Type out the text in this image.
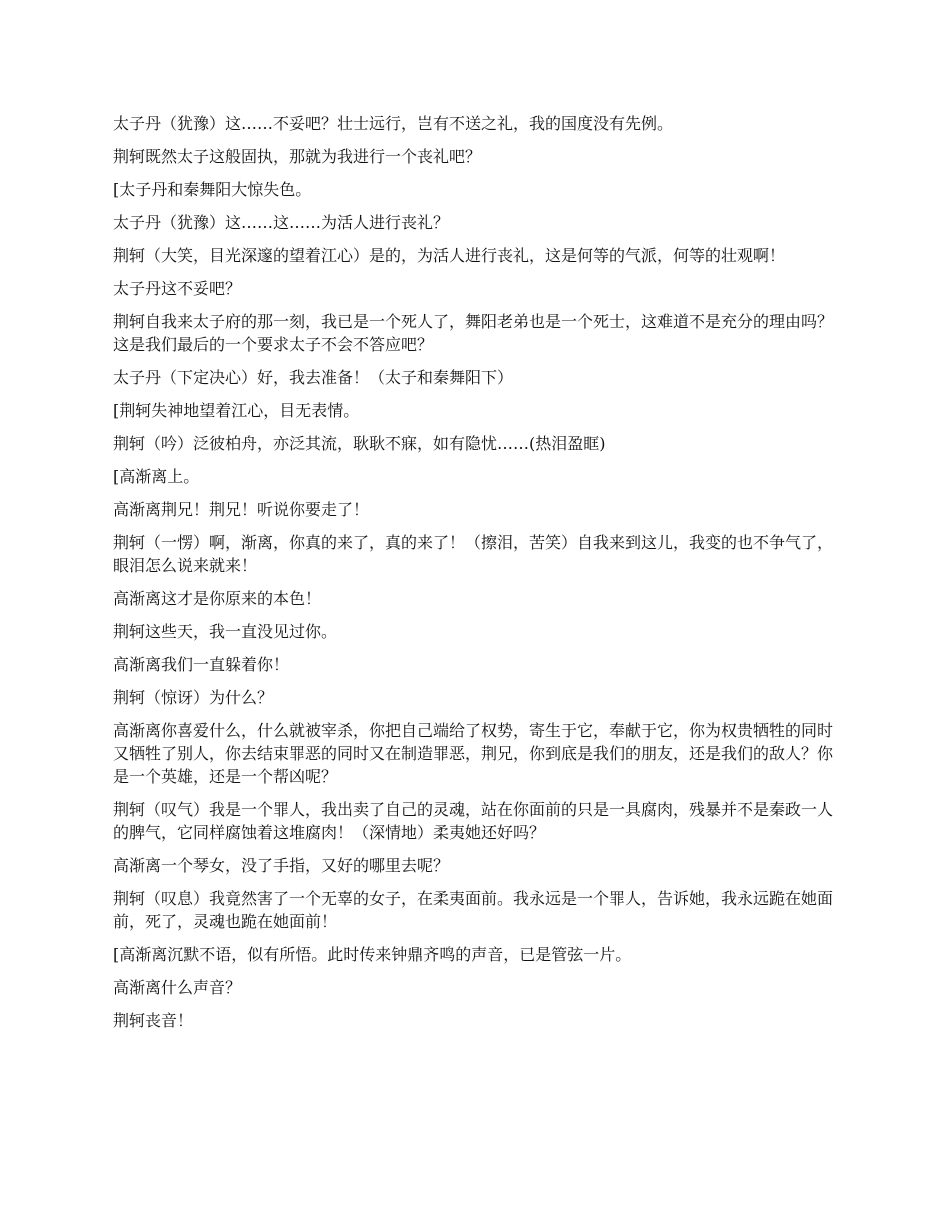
太子丹（犹豫）这……不妥吧？壮士远行，岂有不送之礼，我的国度没有先例。

荆轲既然太子这般固执，那就为我进行一个丧礼吧？

[太子丹和秦舞阳大惊失色。

太子丹（犹豫）这……这……为活人进行丧礼？

荆轲（大笑，目光深邃的望着江心）是的，为活人进行丧礼，这是何等的气派，何等的壮观啊！

太子丹这不妥吧？

荆轲自我来太子府的那一刻，我已是一个死人了，舞阳老弟也是一个死士，这难道不是充分的理由吗？这是我们最后的一个要求太子不会不答应吧？

太子丹（下定决心）好，我去准备！（太子和秦舞阳下）

[荆轲失神地望着江心，目无表情。

荆轲（吟）泛彼柏舟，亦泛其流，耿耿不寐，如有隐忧……(热泪盈眶)

[高渐离上。

高渐离荆兄！荆兄！听说你要走了！

荆轲（一愣）啊，渐离，你真的来了，真的来了！（擦泪，苦笑）自我来到这儿，我变的也不争气了，眼泪怎么说来就来！

高渐离这才是你原来的本色！

荆轲这些天，我一直没见过你。

高渐离我们一直躲着你！

荆轲（惊讶）为什么？

高渐离你喜爱什么，什么就被宰杀，你把自己端给了权势，寄生于它，奉献于它，你为权贵牺牲的同时又牺牲了别人，你去结束罪恶的同时又在制造罪恶，荆兄，你到底是我们的朋友，还是我们的敌人？你是一个英雄，还是一个帮凶呢？

荆轲（叹气）我是一个罪人，我出卖了自己的灵魂，站在你面前的只是一具腐肉，残暴并不是秦政一人的脾气，它同样腐蚀着这堆腐肉！（深情地）柔夷她还好吗？

高渐离一个琴女，没了手指，又好的哪里去呢？

荆轲（叹息）我竟然害了一个无辜的女子，在柔夷面前。我永远是一个罪人，告诉她，我永远跪在她面前，死了，灵魂也跪在她面前！

[高渐离沉默不语，似有所悟。此时传来钟鼎齐鸣的声音，已是管弦一片。

高渐离什么声音？

荆轲丧音！
